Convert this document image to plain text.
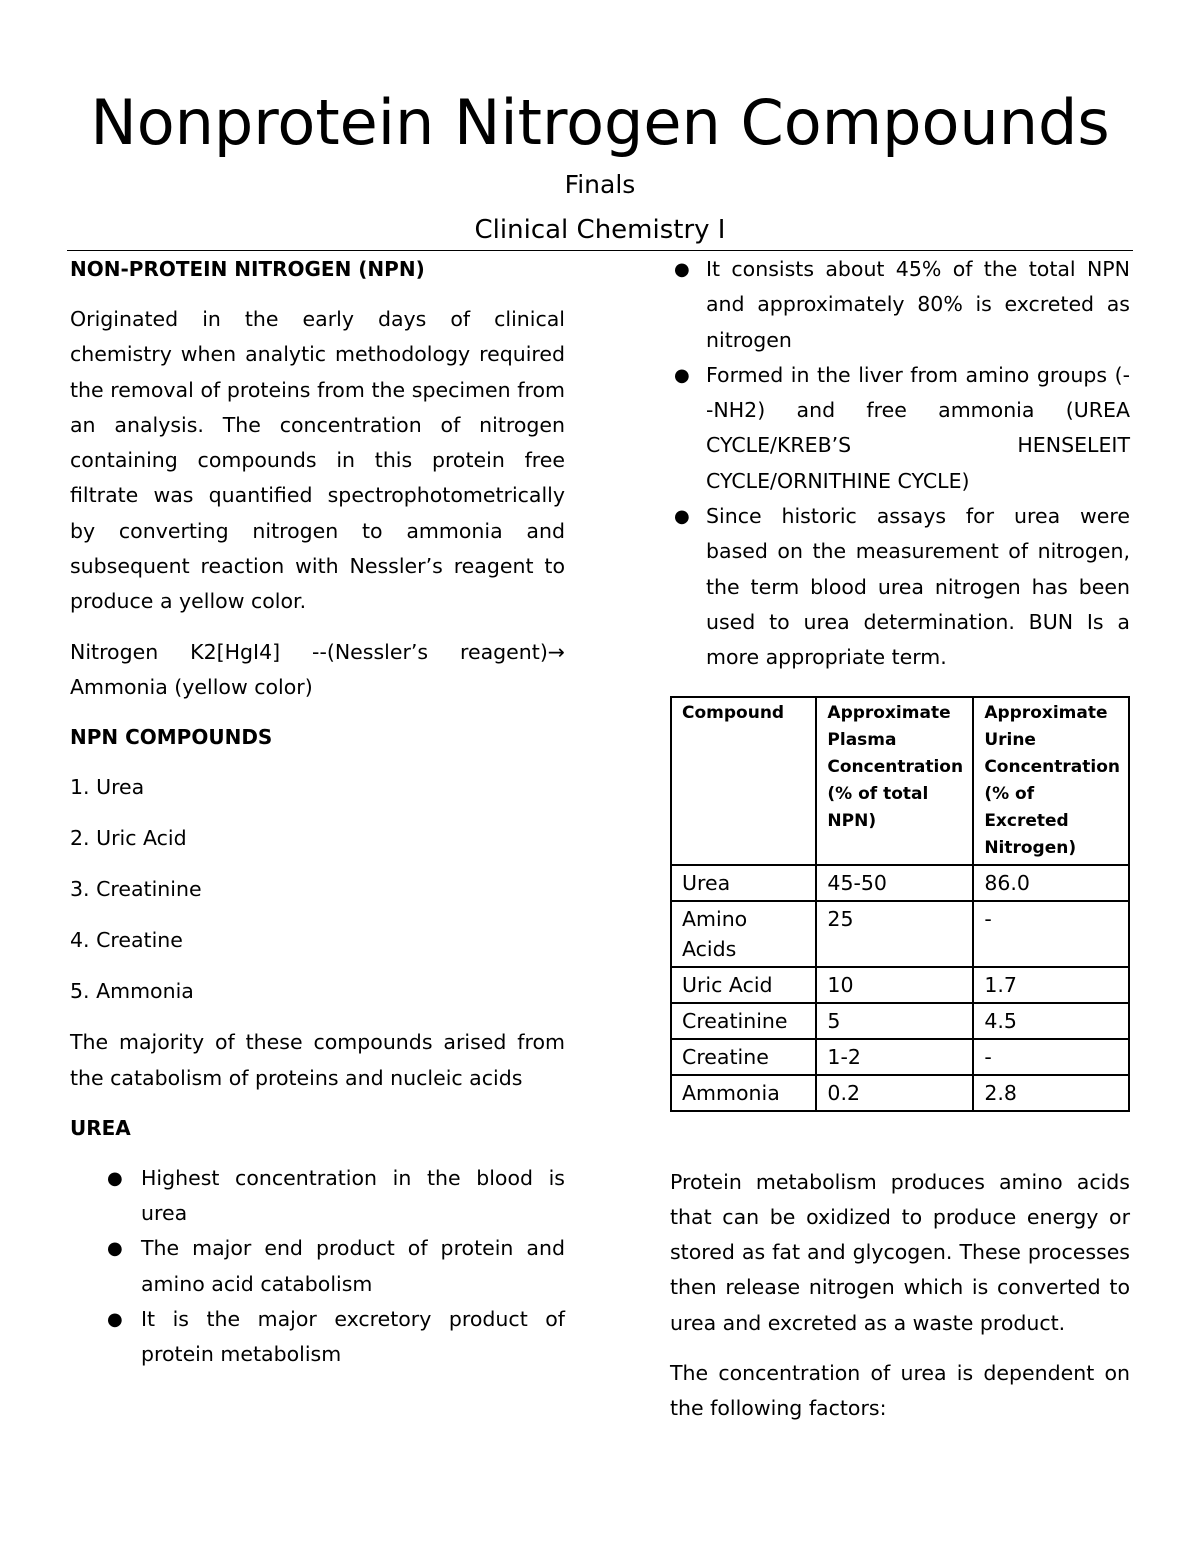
Nonprotein Nitrogen Compounds
Finals
Clinical Chemistry I
NON-PROTEIN NITROGEN (NPN)

Originated in the early days of clinical chemistry when analytic methodology required the removal of proteins from the specimen from an analysis. The concentration of nitrogen containing compounds in this protein free filtrate was quantified spectrophotometrically by converting nitrogen to ammonia and subsequent reaction with Nessler’s reagent to produce a yellow color.

Nitrogen K2[HgI4] --(Nessler’s reagent)→ Ammonia (yellow color)

NPN COMPOUNDS
1. Urea
2. Uric Acid
3. Creatinine
4. Creatine
5. Ammonia

The majority of these compounds arised from the catabolism of proteins and nucleic acids

UREA
● Highest concentration in the blood is urea
● The major end product of protein and amino acid catabolism
● It is the major excretory product of protein metabolism
● It consists about 45% of the total NPN and approximately 80% is excreted as nitrogen
● Formed in the liver from amino groups (--NH2) and free ammonia (UREA CYCLE/KREB’S HENSELEIT CYCLE/ORNITHINE CYCLE)
● Since historic assays for urea were based on the measurement of nitrogen, the term blood urea nitrogen has been used to urea determination. BUN Is a more appropriate term.
Compound	Approximate Plasma Concentration (% of total NPN)	Approximate Urine Concentration (% of Excreted Nitrogen)
Urea	45-50	86.0
Amino Acids	25	-
Uric Acid	10	1.7
Creatinine	5	4.5
Creatine	1-2	-
Ammonia	0.2	2.8

Protein metabolism produces amino acids that can be oxidized to produce energy or stored as fat and glycogen. These processes then release nitrogen which is converted to urea and excreted as a waste product.

The concentration of urea is dependent on the following factors:
